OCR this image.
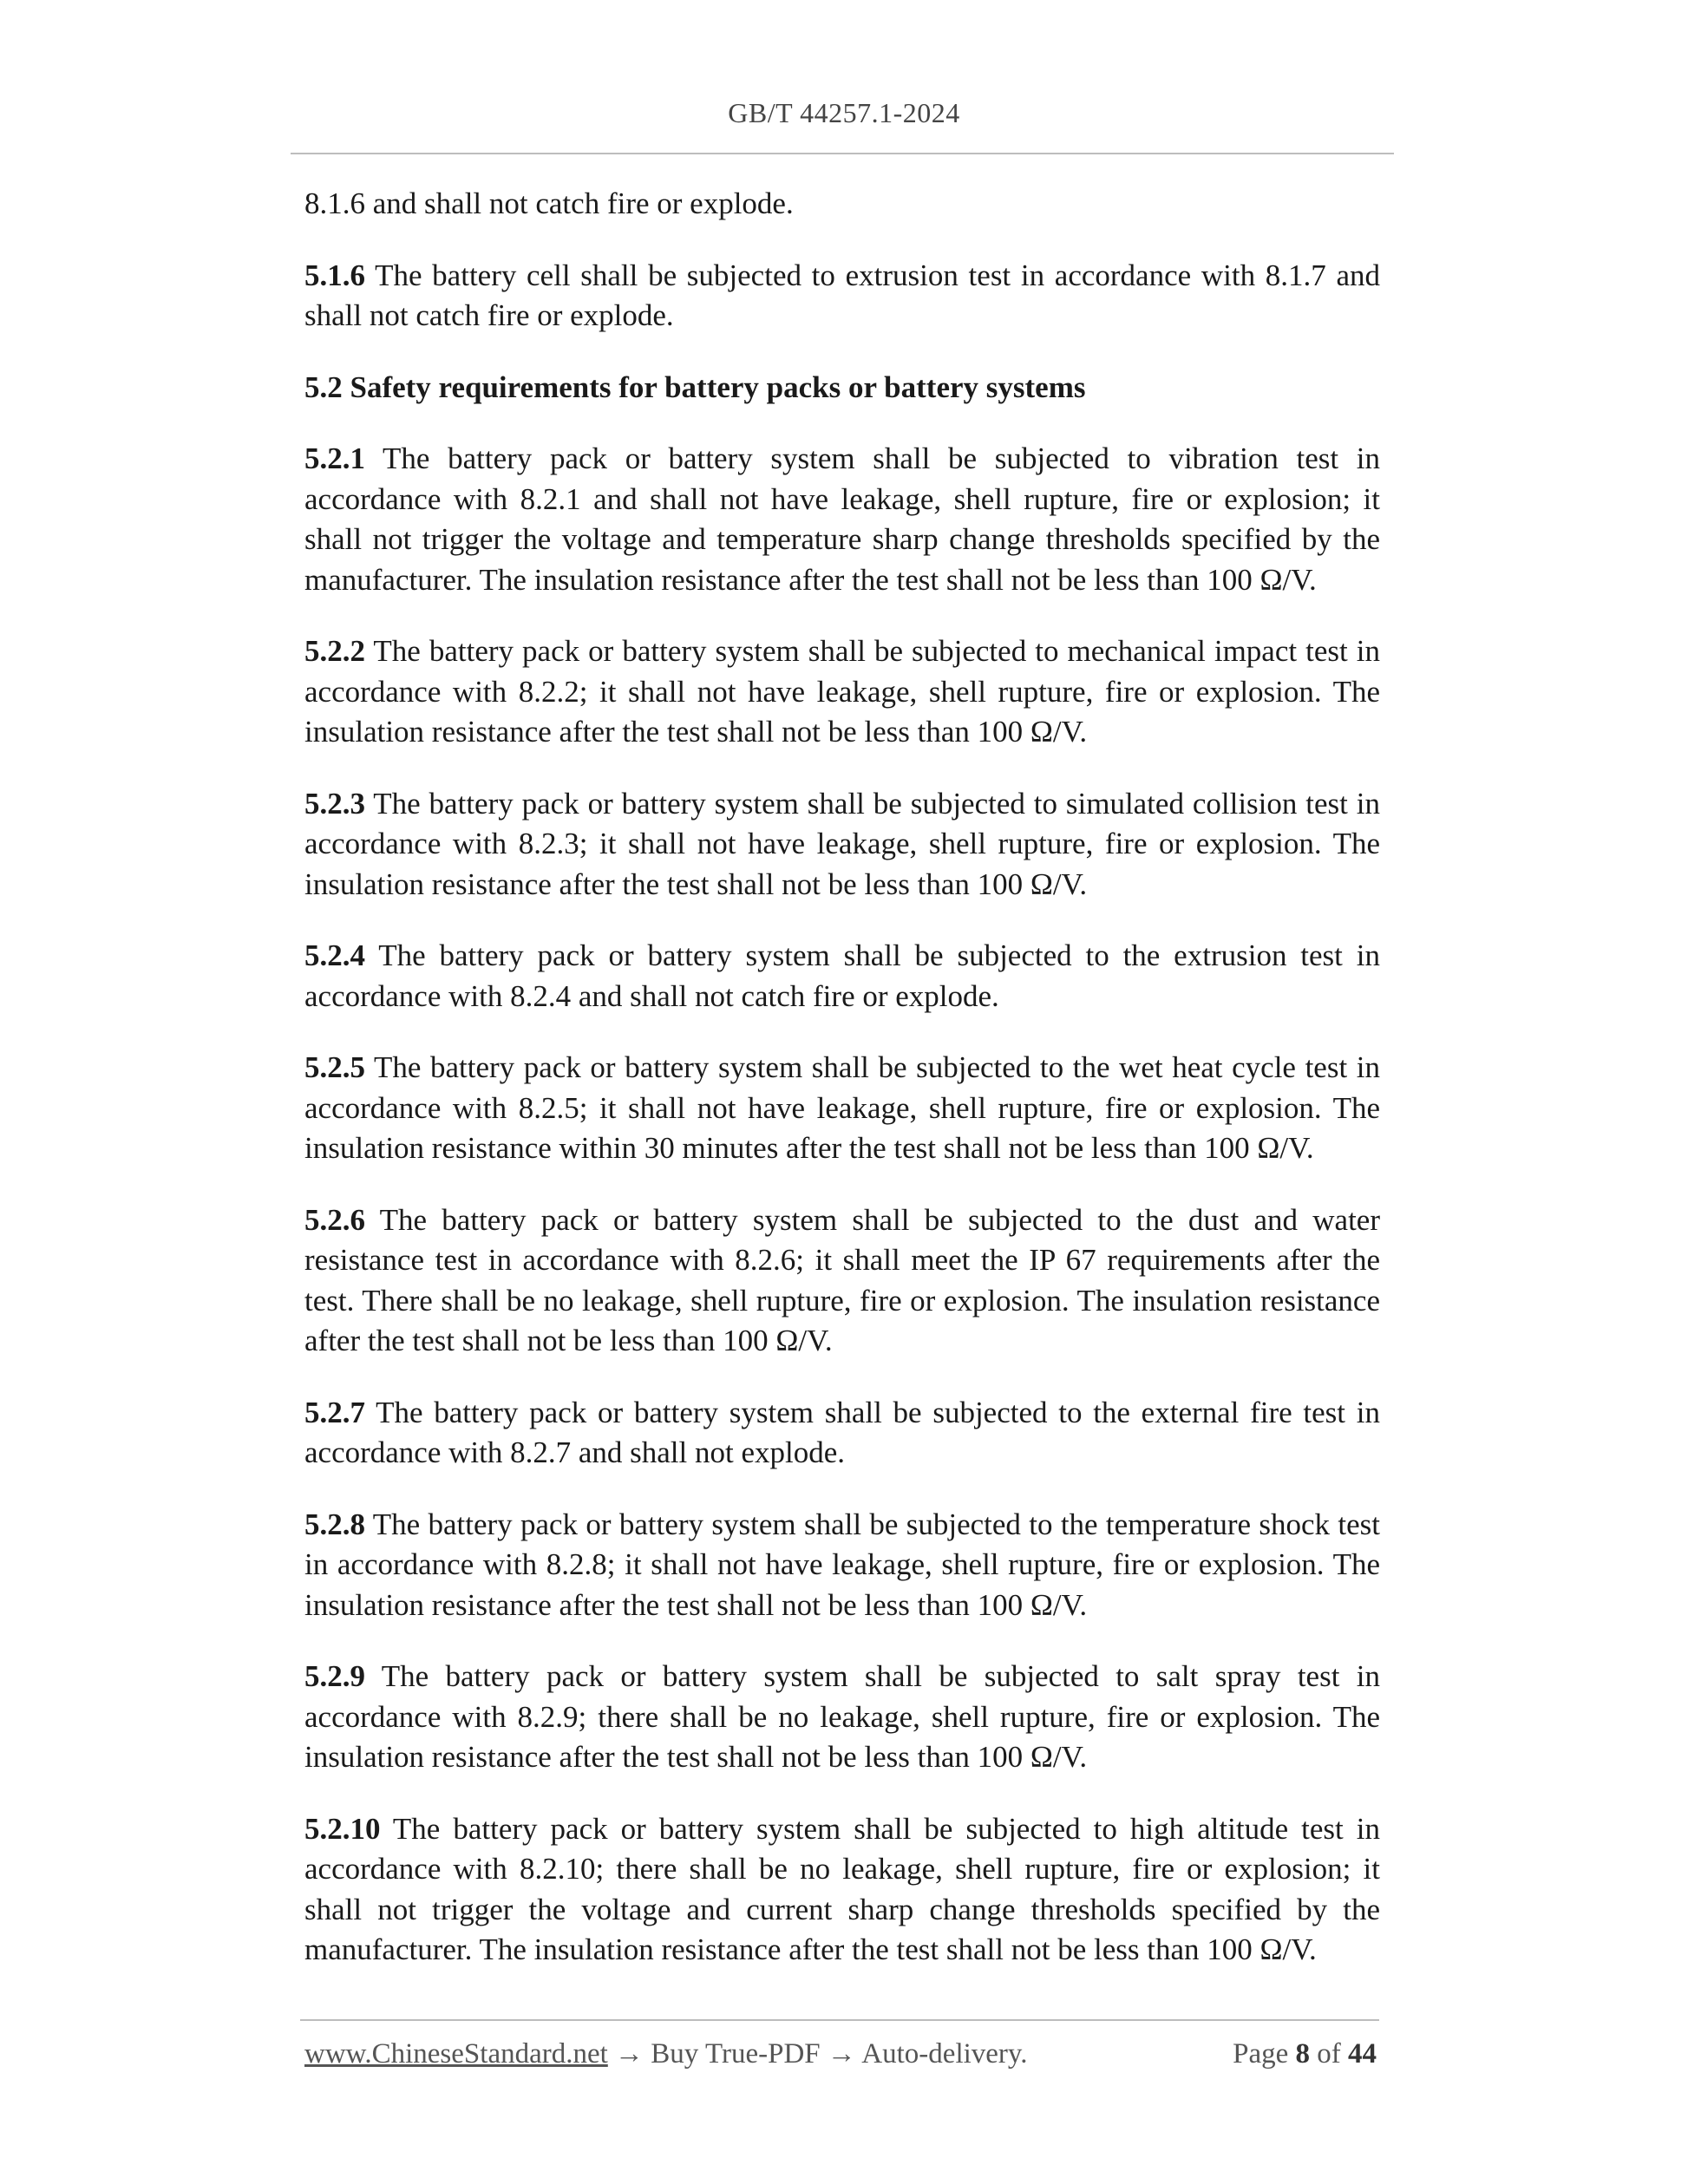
GB/T 44257.1-2024

8.1.6 and shall not catch fire or explode.

5.1.6 The battery cell shall be subjected to extrusion test in accordance with 8.1.7 and shall not catch fire or explode.

5.2 Safety requirements for battery packs or battery systems

5.2.1 The battery pack or battery system shall be subjected to vibration test in accordance with 8.2.1 and shall not have leakage, shell rupture, fire or explosion; it shall not trigger the voltage and temperature sharp change thresholds specified by the manufacturer. The insulation resistance after the test shall not be less than 100 Ω/V.

5.2.2 The battery pack or battery system shall be subjected to mechanical impact test in accordance with 8.2.2; it shall not have leakage, shell rupture, fire or explosion. The insulation resistance after the test shall not be less than 100 Ω/V.

5.2.3 The battery pack or battery system shall be subjected to simulated collision test in accordance with 8.2.3; it shall not have leakage, shell rupture, fire or explosion. The insulation resistance after the test shall not be less than 100 Ω/V.

5.2.4 The battery pack or battery system shall be subjected to the extrusion test in accordance with 8.2.4 and shall not catch fire or explode.

5.2.5 The battery pack or battery system shall be subjected to the wet heat cycle test in accordance with 8.2.5; it shall not have leakage, shell rupture, fire or explosion. The insulation resistance within 30 minutes after the test shall not be less than 100 Ω/V.

5.2.6 The battery pack or battery system shall be subjected to the dust and water resistance test in accordance with 8.2.6; it shall meet the IP 67 requirements after the test. There shall be no leakage, shell rupture, fire or explosion. The insulation resistance after the test shall not be less than 100 Ω/V.

5.2.7 The battery pack or battery system shall be subjected to the external fire test in accordance with 8.2.7 and shall not explode.

5.2.8 The battery pack or battery system shall be subjected to the temperature shock test in accordance with 8.2.8; it shall not have leakage, shell rupture, fire or explosion. The insulation resistance after the test shall not be less than 100 Ω/V.

5.2.9 The battery pack or battery system shall be subjected to salt spray test in accordance with 8.2.9; there shall be no leakage, shell rupture, fire or explosion. The insulation resistance after the test shall not be less than 100 Ω/V.

5.2.10 The battery pack or battery system shall be subjected to high altitude test in accordance with 8.2.10; there shall be no leakage, shell rupture, fire or explosion; it shall not trigger the voltage and current sharp change thresholds specified by the manufacturer. The insulation resistance after the test shall not be less than 100 Ω/V.

www.ChineseStandard.net → Buy True-PDF → Auto-delivery.	Page 8 of 44
